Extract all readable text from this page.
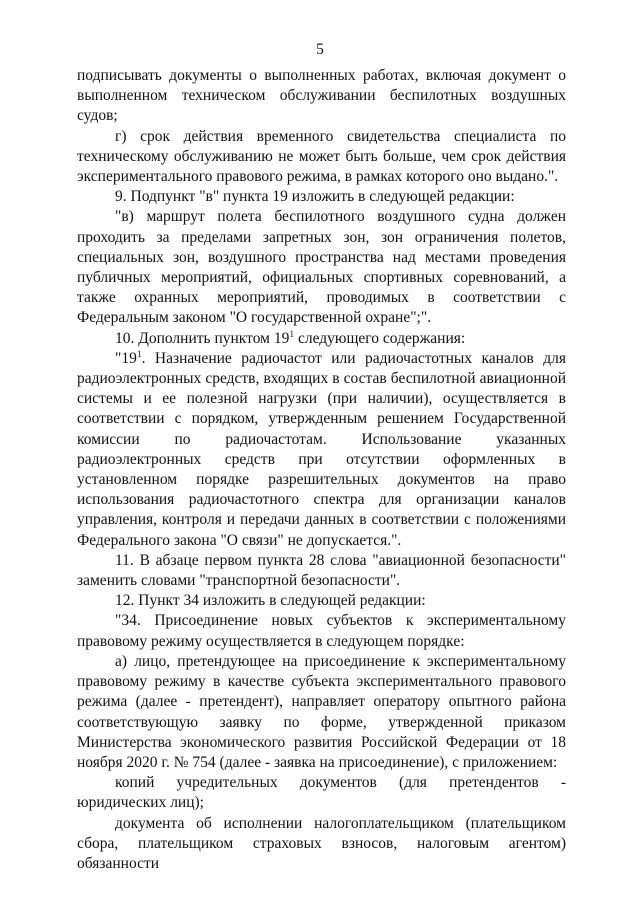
5

подписывать документы о выполненных работах, включая документ о выполненном техническом обслуживании беспилотных воздушных судов;

г) срок действия временного свидетельства специалиста по техническому обслуживанию не может быть больше, чем срок действия экспериментального правового режима, в рамках которого оно выдано.".

9. Подпункт "в" пункта 19 изложить в следующей редакции:

"в) маршрут полета беспилотного воздушного судна должен проходить за пределами запретных зон, зон ограничения полетов, специальных зон, воздушного пространства над местами проведения публичных мероприятий, официальных спортивных соревнований, а также охранных мероприятий, проводимых в соответствии с Федеральным законом "О государственной охране";".

10. Дополнить пунктом $19^1$ следующего содержания:

"$19^1$. Назначение радиочастот или радиочастотных каналов для радиоэлектронных средств, входящих в состав беспилотной авиационной системы и ее полезной нагрузки (при наличии), осуществляется в соответствии с порядком, утвержденным решением Государственной комиссии по радиочастотам. Использование указанных радиоэлектронных средств при отсутствии оформленных в установленном порядке разрешительных документов на право использования радиочастотного спектра для организации каналов управления, контроля и передачи данных в соответствии с положениями Федерального закона "О связи" не допускается.".

11. В абзаце первом пункта 28 слова "авиационной безопасности" заменить словами "транспортной безопасности".

12. Пункт 34 изложить в следующей редакции:

"34. Присоединение новых субъектов к экспериментальному правовому режиму осуществляется в следующем порядке:

а) лицо, претендующее на присоединение к экспериментальному правовому режиму в качестве субъекта экспериментального правового режима (далее - претендент), направляет оператору опытного района соответствующую заявку по форме, утвержденной приказом Министерства экономического развития Российской Федерации от 18 ноября 2020 г. № 754 (далее - заявка на присоединение), с приложением:

копий учредительных документов (для претендентов - юридических лиц);

документа об исполнении налогоплательщиком (плательщиком сбора, плательщиком страховых взносов, налоговым агентом) обязанности
